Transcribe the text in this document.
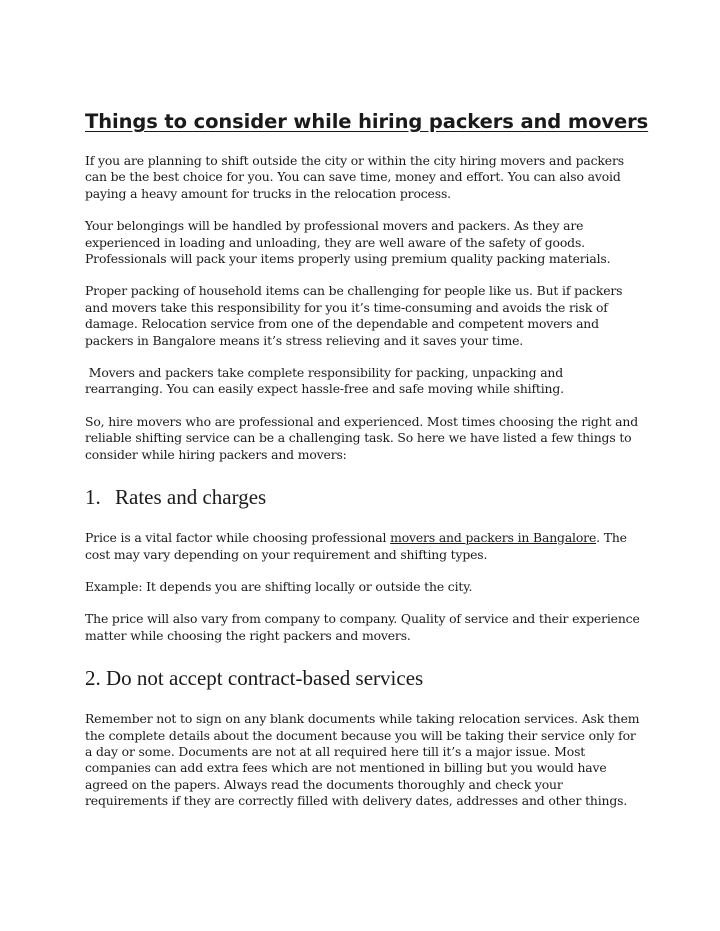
Things to consider while hiring packers and movers

If you are planning to shift outside the city or within the city hiring movers and packers can be the best choice for you. You can save time, money and effort. You can also avoid paying a heavy amount for trucks in the relocation process.

Your belongings will be handled by professional movers and packers. As they are experienced in loading and unloading, they are well aware of the safety of goods. Professionals will pack your items properly using premium quality packing materials.

Proper packing of household items can be challenging for people like us. But if packers and movers take this responsibility for you it’s time-consuming and avoids the risk of damage. Relocation service from one of the dependable and competent movers and packers in Bangalore means it’s stress relieving and it saves your time.

Movers and packers take complete responsibility for packing, unpacking and rearranging. You can easily expect hassle-free and safe moving while shifting.

So, hire movers who are professional and experienced. Most times choosing the right and reliable shifting service can be a challenging task. So here we have listed a few things to consider while hiring packers and movers:

1. Rates and charges

Price is a vital factor while choosing professional movers and packers in Bangalore. The cost may vary depending on your requirement and shifting types.

Example: It depends you are shifting locally or outside the city.

The price will also vary from company to company. Quality of service and their experience matter while choosing the right packers and movers.

2. Do not accept contract-based services

Remember not to sign on any blank documents while taking relocation services. Ask them the complete details about the document because you will be taking their service only for a day or some. Documents are not at all required here till it’s a major issue. Most companies can add extra fees which are not mentioned in billing but you would have agreed on the papers. Always read the documents thoroughly and check your requirements if they are correctly filled with delivery dates, addresses and other things.
